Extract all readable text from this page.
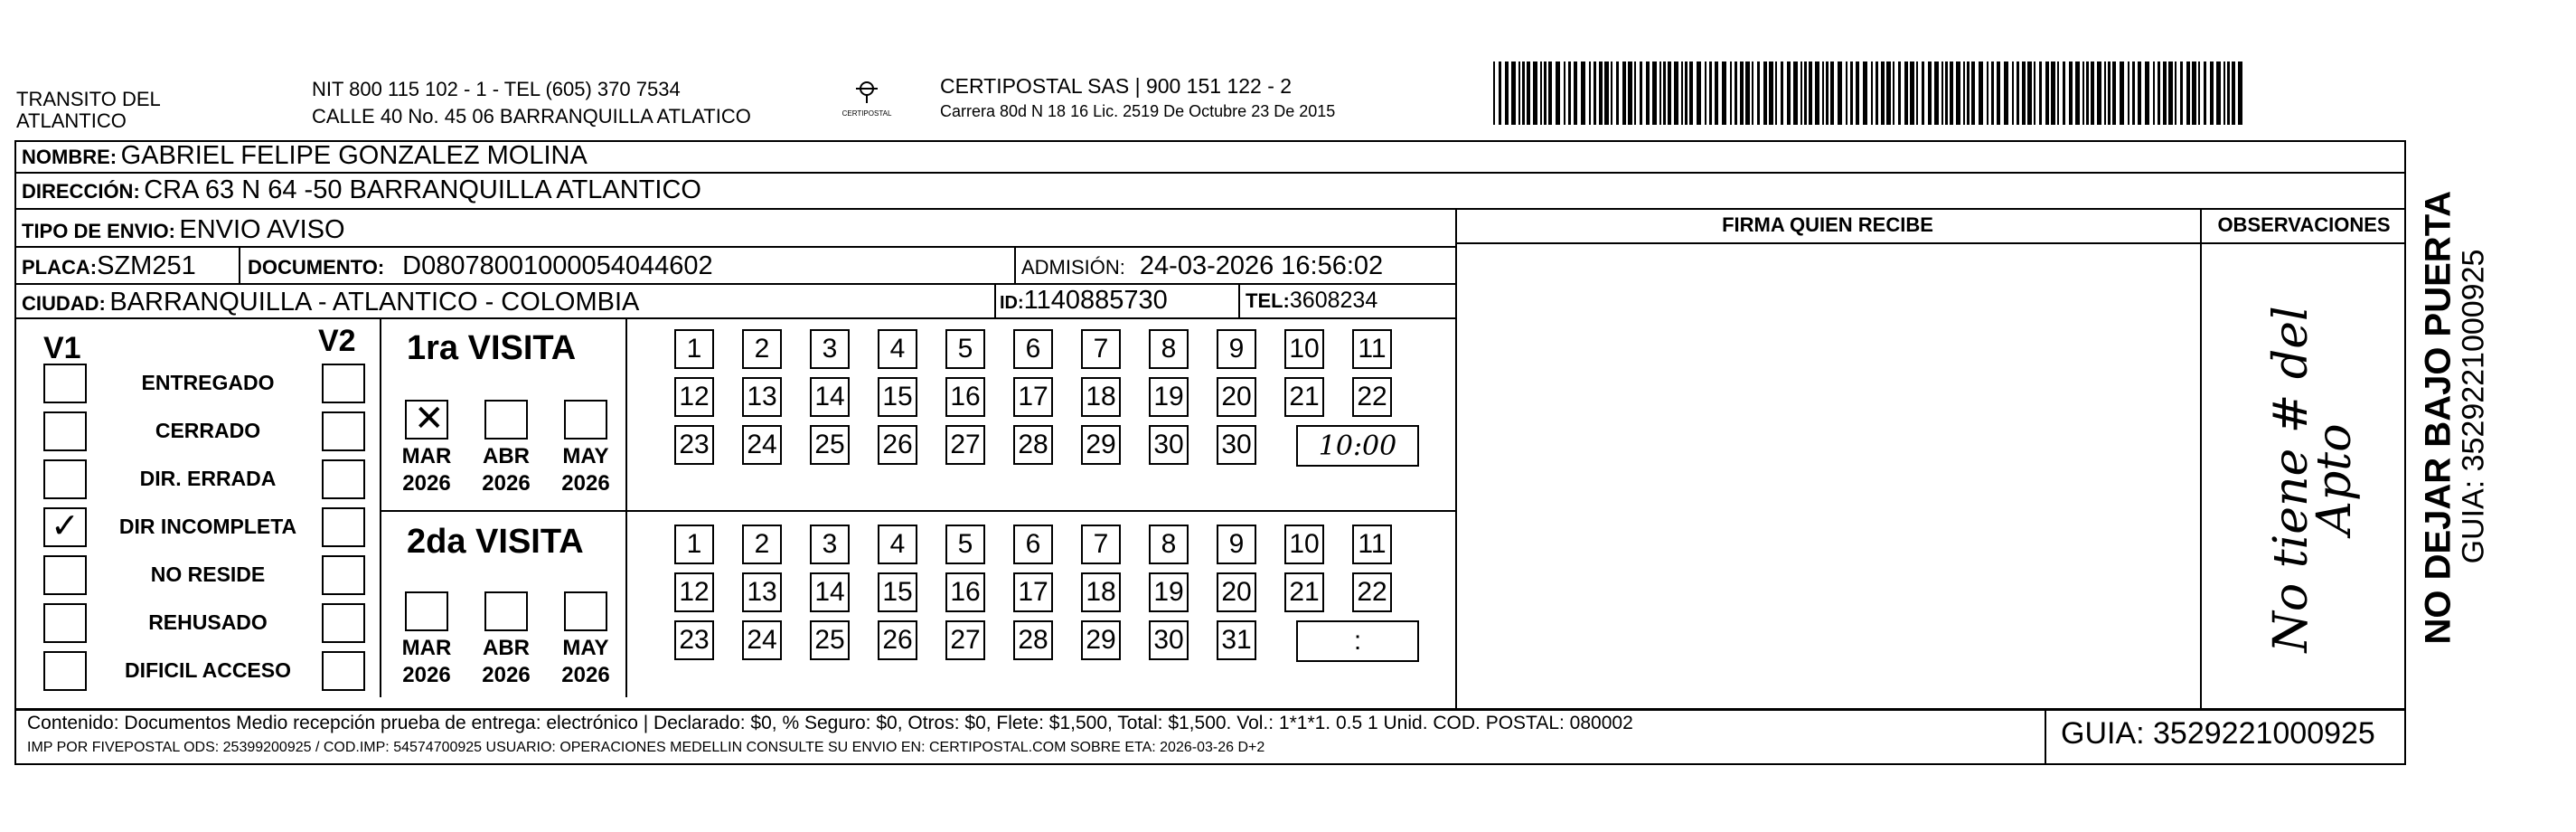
TRANSITO DEL
ATLANTICO
NIT 800 115 102 - 1 - TEL (605) 370 7534
CALLE 40 No. 45 06 BARRANQUILLA ATLATICO	CERTIPOSTAL
CERTIPOSTAL SAS | 900 151 122 - 2
Carrera 80d N 18 16 Lic. 2519 De Octubre 23 De 2015
NOMBRE: GABRIEL FELIPE GONZALEZ MOLINA
DIRECCIÓN: CRA 63 N 64 -50 BARRANQUILLA ATLANTICO
TIPO DE ENVIO: ENVIO AVISO
PLACA:SZM251	DOCUMENTO: D08078001000054044602	ADMISIÓN: 24-03-2026 16:56:02
CIUDAD: BARRANQUILLA - ATLANTICO - COLOMBIA	ID:1140885730	TEL:3608234
FIRMA QUIEN RECIBE	OBSERVACIONES
No tiene # del
Apto
V1	V2
ENTREGADO
CERRADO
DIR. ERRADA
✓	DIR INCOMPLETA
NO RESIDE
REHUSADO
DIFICIL ACCESO
1ra VISITA
2da VISITA
✕
MAR
2026
ABR
2026
MAY
2026
MAR
2026
ABR
2026
MAY
2026
1	2	3	4	5	6	7	8	9	10 11
12 13 14 15 16 17 18 19 20 21 22
23 24 25 26 27 28 29 30 30	10:00
1	2	3	4	5	6	7	8	9	10 11
12 13 14 15 16 17 18 19 20 21 22
23 24 25 26 27 28 29 30 31	:
Contenido: Documentos Medio recepción prueba de entrega: electrónico | Declarado: $0, % Seguro: $0, Otros: $0, Flete: $1,500, Total: $1,500. Vol.: 1*1*1. 0.5 1 Unid. COD. POSTAL: 080002
IMP POR FIVEPOSTAL ODS: 25399200925 / COD.IMP: 54574700925 USUARIO: OPERACIONES MEDELLIN CONSULTE SU ENVIO EN: CERTIPOSTAL.COM SOBRE ETA: 2026-03-26 D+2	GUIA: 3529221000925
NO DEJAR BAJO PUERTA
GUIA: 3529221000925
